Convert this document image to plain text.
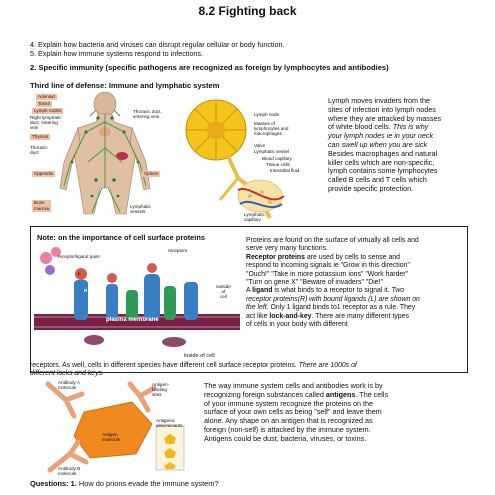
8.2 Fighting back
4. Explain how bacteria and viruses can disrupt regular cellular or body function.
5. Explain how immune systems respond to infections.
2. Specific immunity (specific pathogens are recognized as foreign by lymphocytes and antibodies)
Third line of defense: Immune and lymphatic system
Adenoid
Tonsil
Lymph nodes
Right lymphatic
duct, entering
vein
Thymus
Thoracic
duct
Appendix
Bone
marrow
Thoracic duct,
entering vein
Spleen
Lymphatic
vessels
Lymph node
Masses of
lymphocytes and
macrophages
Valve
Lymphatic vessel
Blood capillary
Tissue cells
Interstitial fluid
Lymphatic
capillary
Lymph moves invaders from the
sites of infection into lymph nodes
where they are attacked by masses
of white blood cells. This is why
your lymph nodes ie in your neck
can swell up when you are sick
Besides macrophages and natural
killer cells which are non-specific,
lymph contains some lymphocytes
called B cells and T cells which
provide specific protection.
Note: on the importance of cell surface proteins
receptor/ligand pairs
receptors
R
L
outside
of
cell
plasma membrane
inside of cell
Proteins are found on the surface of virtually all cells and
serve very many functions.
Receptor proteins are used by cells to sense and
respond to incoming signals ie "Grow in this direction"
"Ouch!" "Take in more potassium ions" "Work harder"
"Turn on gene X" "Beware of invaders" "Die!"
A ligand is what binds to a receptor to signal it. Two
receptor proteins(R) with bound ligands (L) are shown on
the left. Only 1 ligand binds to1 receptor as a rule. They
act like lock-and-key. There are many different types
of cells in your body with different
receptors. As well, cells in different species have different cell surface receptor proteins. There are 1000s of
different locks and keys.
Antibody A
molecule
Antigen-
binding
sites
Antigen
molecule
Antigenic
determinants
Antibody B
molecule
The way immune system cells and antibodies work is by
recognizing foreign substances called antigens. The cells
of your immune system recognize the proteins on the
surface of your own cells as being "self" and leave them
alone. Any shape on an antigen that is recognized as
foreign (non-self) is attacked by the immune system.
Antigens could be dust, bacteria, viruses, or toxins.
Questions: 1. How do prions evade the immune system?
